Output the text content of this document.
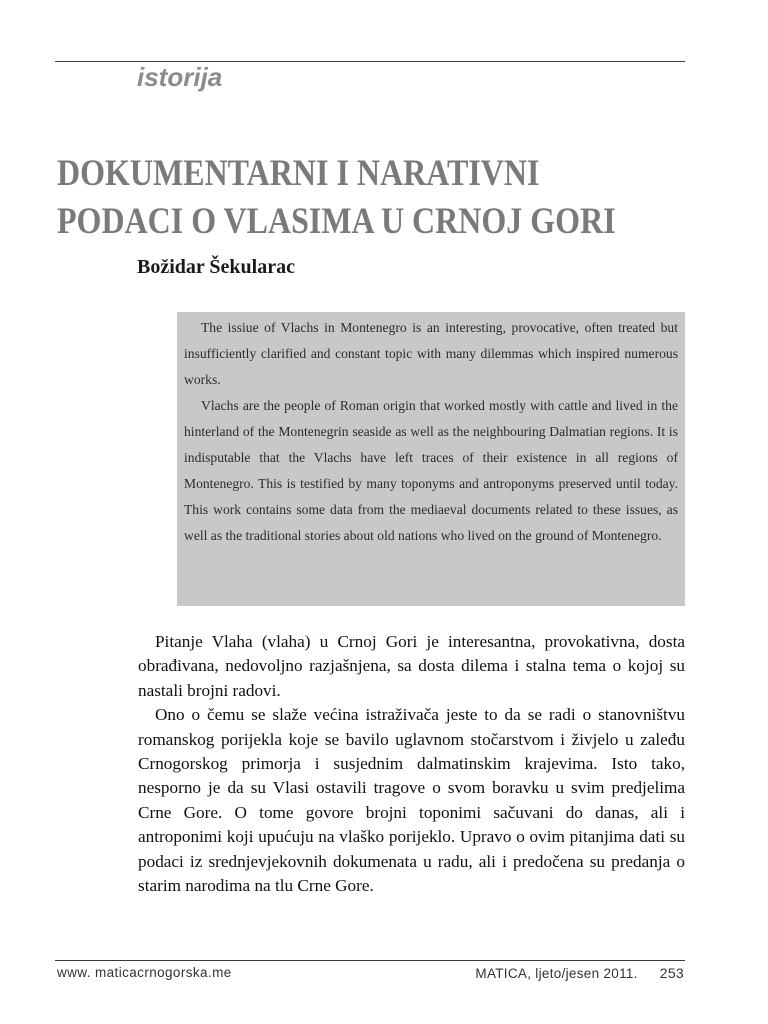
istorija
DOKUMENTARNI I NARATIVNI
PODACI O VLASIMA U CRNOJ GORI
Božidar Šekularac

The issiue of Vlachs in Montenegro is an interesting, provocative, often treated but insufficiently clarified and constant topic with many dilemmas which inspired numerous works.

Vlachs are the people of Roman origin that worked mostly with cattle and lived in the hinterland of the Montenegrin seaside as well as the neighbouring Dalmatian regions. It is indisputable that the Vlachs have left traces of their existence in all regions of Montenegro. This is testified by many toponyms and antroponyms preserved until today. This work contains some data from the mediaeval documents related to these issues, as well as the traditional stories about old nations who lived on the ground of Montenegro.

Pitanje Vlaha (vlaha) u Crnoj Gori je interesantna, provokativna, dosta obrađivana, nedovoljno razjašnjena, sa dosta dilema i stalna tema o kojoj su nastali brojni radovi.

Ono o čemu se slaže većina istraživača jeste to da se radi o stanovništvu romanskog porijekla koje se bavilo uglavnom stočarstvom i živjelo u zaleđu Crnogorskog primorja i susjednim dalmatinskim krajevima. Isto tako, nesporno je da su Vlasi ostavili tragove o svom boravku u svim predjelima Crne Gore. O tome govore brojni toponimi sačuvani do danas, ali i antroponimi koji upućuju na vlaško porijeklo. Upravo o ovim pitanjima dati su podaci iz srednjevjekovnih dokumenata u radu, ali i predočena su predanja o starim narodima na tlu Crne Gore.

www. maticacrnogorska.me	MATICA, ljeto/jesen 2011. 253
